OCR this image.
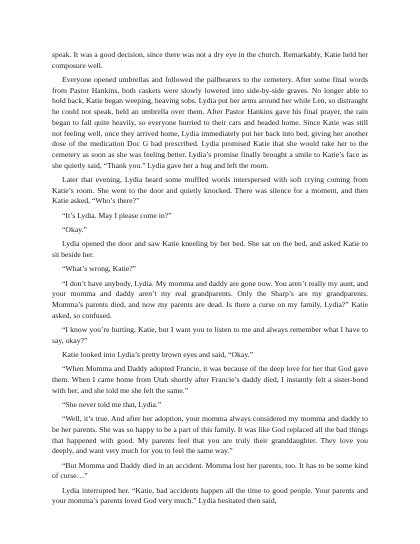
speak. It was a good decision, since there was not a dry eye in the church. Remarkably, Katie held her composure well.

Everyone opened umbrellas and followed the pallbearers to the cemetery. After some final words from Pastor Hankins, both caskets were slowly lowered into side-by-side graves. No longer able to hold back, Katie began weeping, heaving sobs. Lydia put her arms around her while Len, so distraught he could not speak, held an umbrella over them. After Pastor Hankins gave his final prayer, the rain began to fall quite heavily, so everyone hurried to their cars and headed home. Since Katie was still not feeling well, once they arrived home, Lydia immediately put her back into bed, giving her another dose of the medication Doc G had prescribed. Lydia promised Katie that she would take her to the cemetery as soon as she was feeling better. Lydia’s promise finally brought a smile to Katie’s face as she quietly said, “Thank you.” Lydia gave her a hug and left the room.

Later that evening, Lydia heard some muffled words interspersed with soft crying coming from Katie’s room. She went to the door and quietly knocked. There was silence for a moment, and then Katie asked, “Who’s there?”

“It’s Lydia. May I please come in?”

“Okay.”

Lydia opened the door and saw Katie kneeling by her bed. She sat on the bed, and asked Katie to sit beside her.

“What’s wrong, Katie?”

“I don’t have anybody, Lydia. My momma and daddy are gone now. You aren’t really my aunt, and your momma and daddy aren’t my real grandparents. Only the Sharp’s are my grandparents. Momma’s parents died, and now my parents are dead. Is there a curse on my family, Lydia?” Katie asked, so confused.

“I know you’re hurting, Katie, but I want you to listen to me and always remember what I have to say, okay?”

Katie looked into Lydia’s pretty brown eyes and said, “Okay.”

“When Momma and Daddy adopted Francie, it was because of the deep love for her that God gave them. When I came home from Utah shortly after Francie’s daddy died, I instantly felt a sister-bond with her, and she told me she felt the same.”

“She never told me that, Lydia.”

“Well, it’s true. And after her adoption, your momma always considered my momma and daddy to be her parents. She was so happy to be a part of this family. It was like God replaced all the bad things that happened with good. My parents feel that you are truly their granddaughter. They love you deeply, and want very much for you to feel the same way.”

“But Momma and Daddy died in an accident. Momma lost her parents, too. It has to be some kind of curse…”

Lydia interrupted her. “Katie, bad accidents happen all the time to good people. Your parents and your momma’s parents loved God very much.” Lydia hesitated then said,
